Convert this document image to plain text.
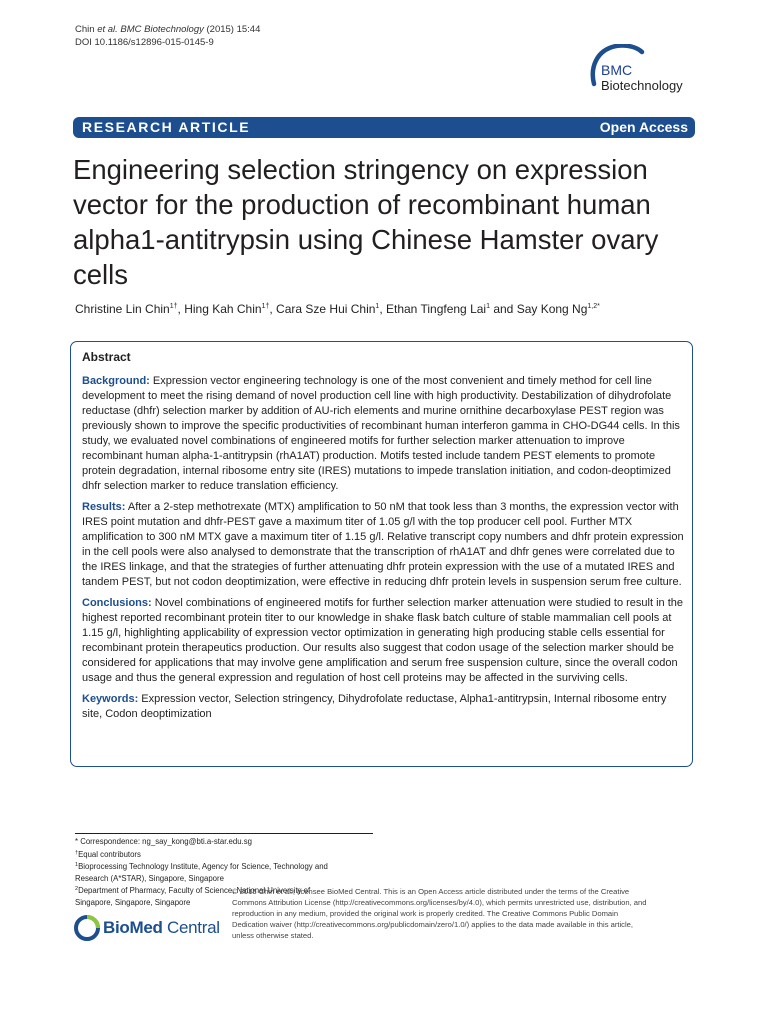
Chin et al. BMC Biotechnology (2015) 15:44
DOI 10.1186/s12896-015-0145-9
BMC
Biotechnology
RESEARCH ARTICLE	Open Access
Engineering selection stringency on expression vector for the production of recombinant human alpha1-antitrypsin using Chinese Hamster ovary cells
Christine Lin Chin$^{1\dagger}$, Hing Kah Chin$^{1\dagger}$, Cara Sze Hui Chin$^1$, Ethan Tingfeng Lai$^1$ and Say Kong $Ng^{1,2*}$
Abstract

Background: Expression vector engineering technology is one of the most convenient and timely method for cell line development to meet the rising demand of novel production cell line with high productivity. Destabilization of dihydrofolate reductase (dhfr) selection marker by addition of AU-rich elements and murine ornithine decarboxylase PEST region was previously shown to improve the specific productivities of recombinant human interferon gamma in CHO-DG44 cells. In this study, we evaluated novel combinations of engineered motifs for further selection marker attenuation to improve recombinant human alpha-1-antitrypsin (rhA1AT) production. Motifs tested include tandem PEST elements to promote protein degradation, internal ribosome entry site (IRES) mutations to impede translation initiation, and codon-deoptimized dhfr selection marker to reduce translation efficiency.

Results: After a 2-step methotrexate (MTX) amplification to 50 nM that took less than 3 months, the expression vector with IRES point mutation and dhfr-PEST gave a maximum titer of 1.05 g/l with the top producer cell pool. Further MTX amplification to 300 nM MTX gave a maximum titer of 1.15 g/l. Relative transcript copy numbers and dhfr protein expression in the cell pools were also analysed to demonstrate that the transcription of rhA1AT and dhfr genes were correlated due to the IRES linkage, and that the strategies of further attenuating dhfr protein expression with the use of a mutated IRES and tandem PEST, but not codon deoptimization, were effective in reducing dhfr protein levels in suspension serum free culture.

Conclusions: Novel combinations of engineered motifs for further selection marker attenuation were studied to result in the highest reported recombinant protein titer to our knowledge in shake flask batch culture of stable mammalian cell pools at 1.15 g/l, highlighting applicability of expression vector optimization in generating high producing stable cells essential for recombinant protein therapeutics production. Our results also suggest that codon usage of the selection marker should be considered for applications that may involve gene amplification and serum free suspension culture, since the overall codon usage and thus the general expression and regulation of host cell proteins may be affected in the surviving cells.

Keywords: Expression vector, Selection stringency, Dihydrofolate reductase, Alpha1-antitrypsin, Internal ribosome entry site, Codon deoptimization

* Correspondence: ng_say_kong@bti.a-star.edu.sg
†Equal contributors
$^1$Bioprocessing Technology Institute, Agency for Science, Technology and
Research (A*STAR), Singapore, Singapore
$^2$Department of Pharmacy, Faculty of Science, National University of
Singapore, Singapore, Singapore
BioMed Central
© 2015 Chin et al.; licensee BioMed Central. This is an Open Access article distributed under the terms of the Creative
Commons Attribution License (http://creativecommons.org/licenses/by/4.0), which permits unrestricted use, distribution, and
reproduction in any medium, provided the original work is properly credited. The Creative Commons Public Domain
Dedication waiver (http://creativecommons.org/publicdomain/zero/1.0/) applies to the data made available in this article,
unless otherwise stated.
